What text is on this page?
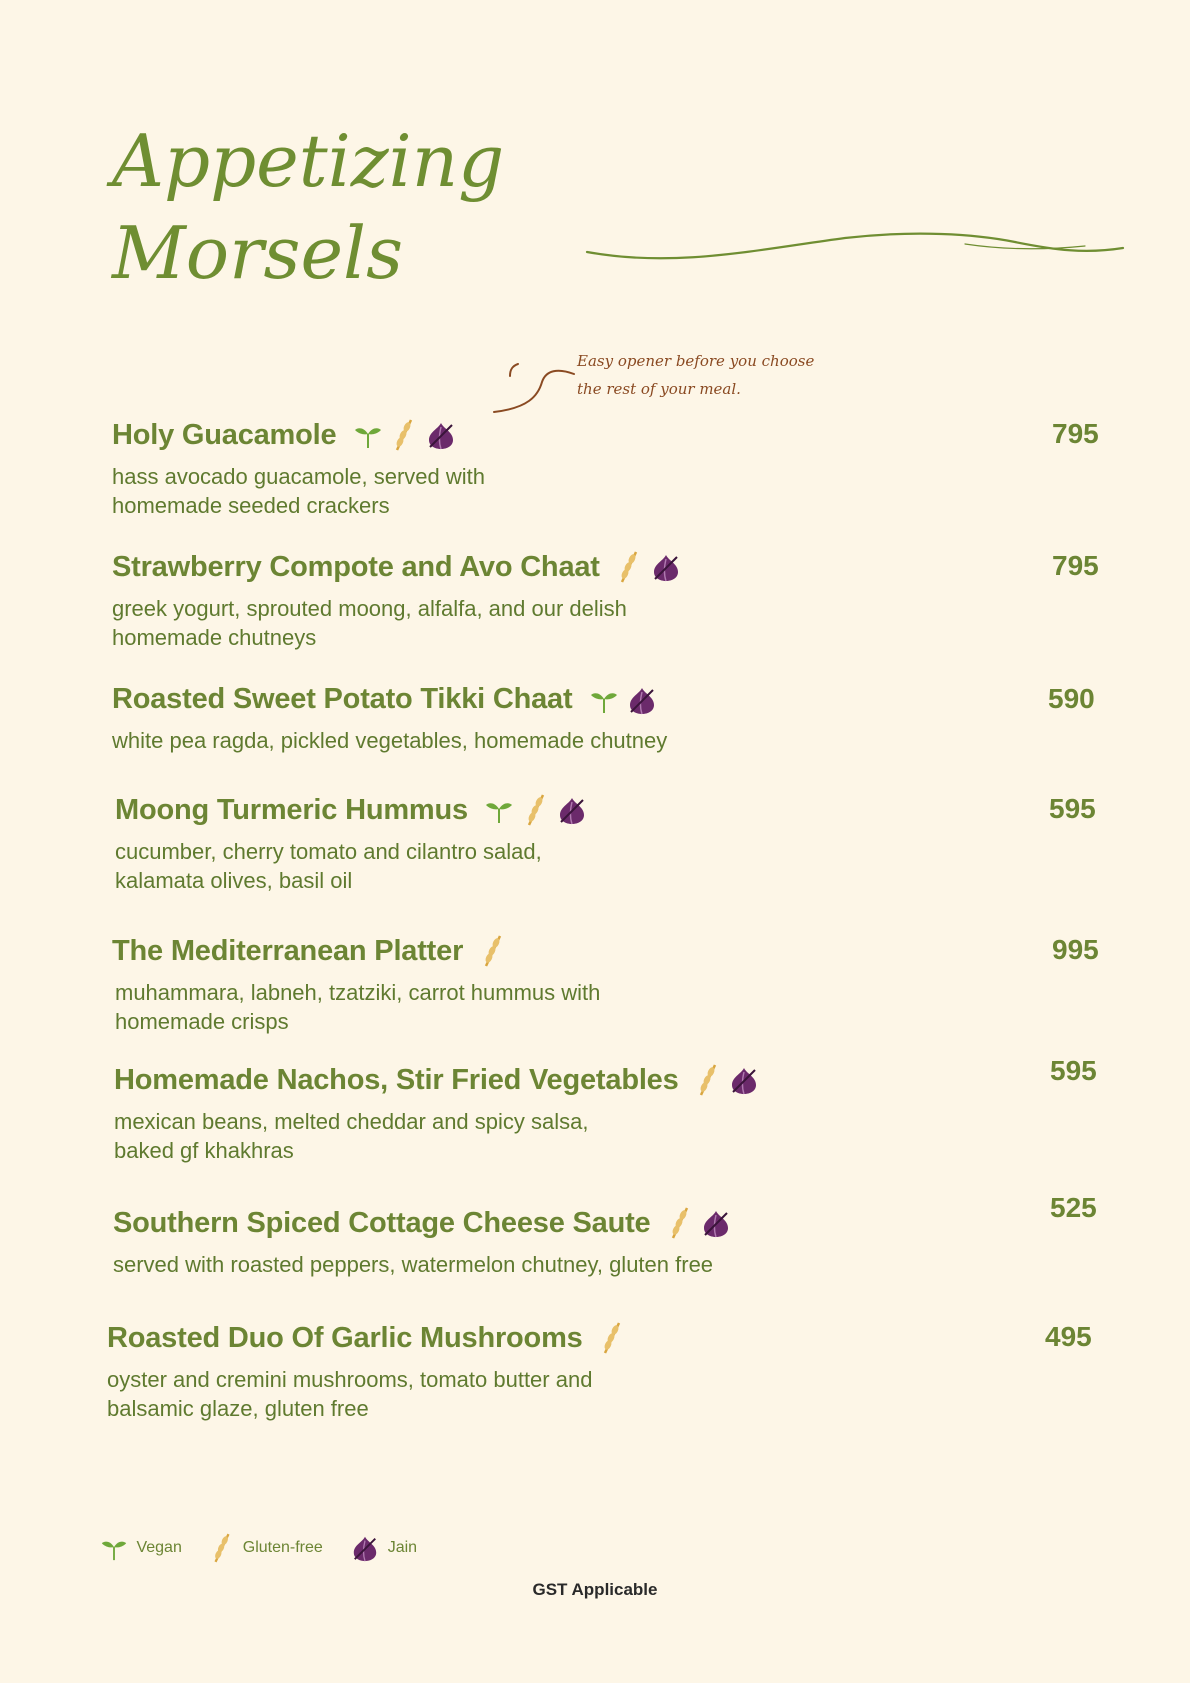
Appetizing
Morsels
Easy opener before you choose
the rest of your meal.
Holy Guacamole	795
hass avocado guacamole, served with
homemade seeded crackers
Strawberry Compote and Avo Chaat	795
greek yogurt, sprouted moong, alfalfa, and our delish
homemade chutneys
Roasted Sweet Potato Tikki Chaat	590
white pea ragda, pickled vegetables, homemade chutney
Moong Turmeric Hummus	595
cucumber, cherry tomato and cilantro salad,
kalamata olives, basil oil
The Mediterranean Platter	995
muhammara, labneh, tzatziki, carrot hummus with
homemade crisps
Homemade Nachos, Stir Fried Vegetables	595
mexican beans, melted cheddar and spicy salsa,
baked gf khakhras
Southern Spiced Cottage Cheese Saute	525
served with roasted peppers, watermelon chutney, gluten free
Roasted Duo Of Garlic Mushrooms	495
oyster and cremini mushrooms, tomato butter and
balsamic glaze, gluten free
Vegan	Gluten-free	Jain
GST Applicable
